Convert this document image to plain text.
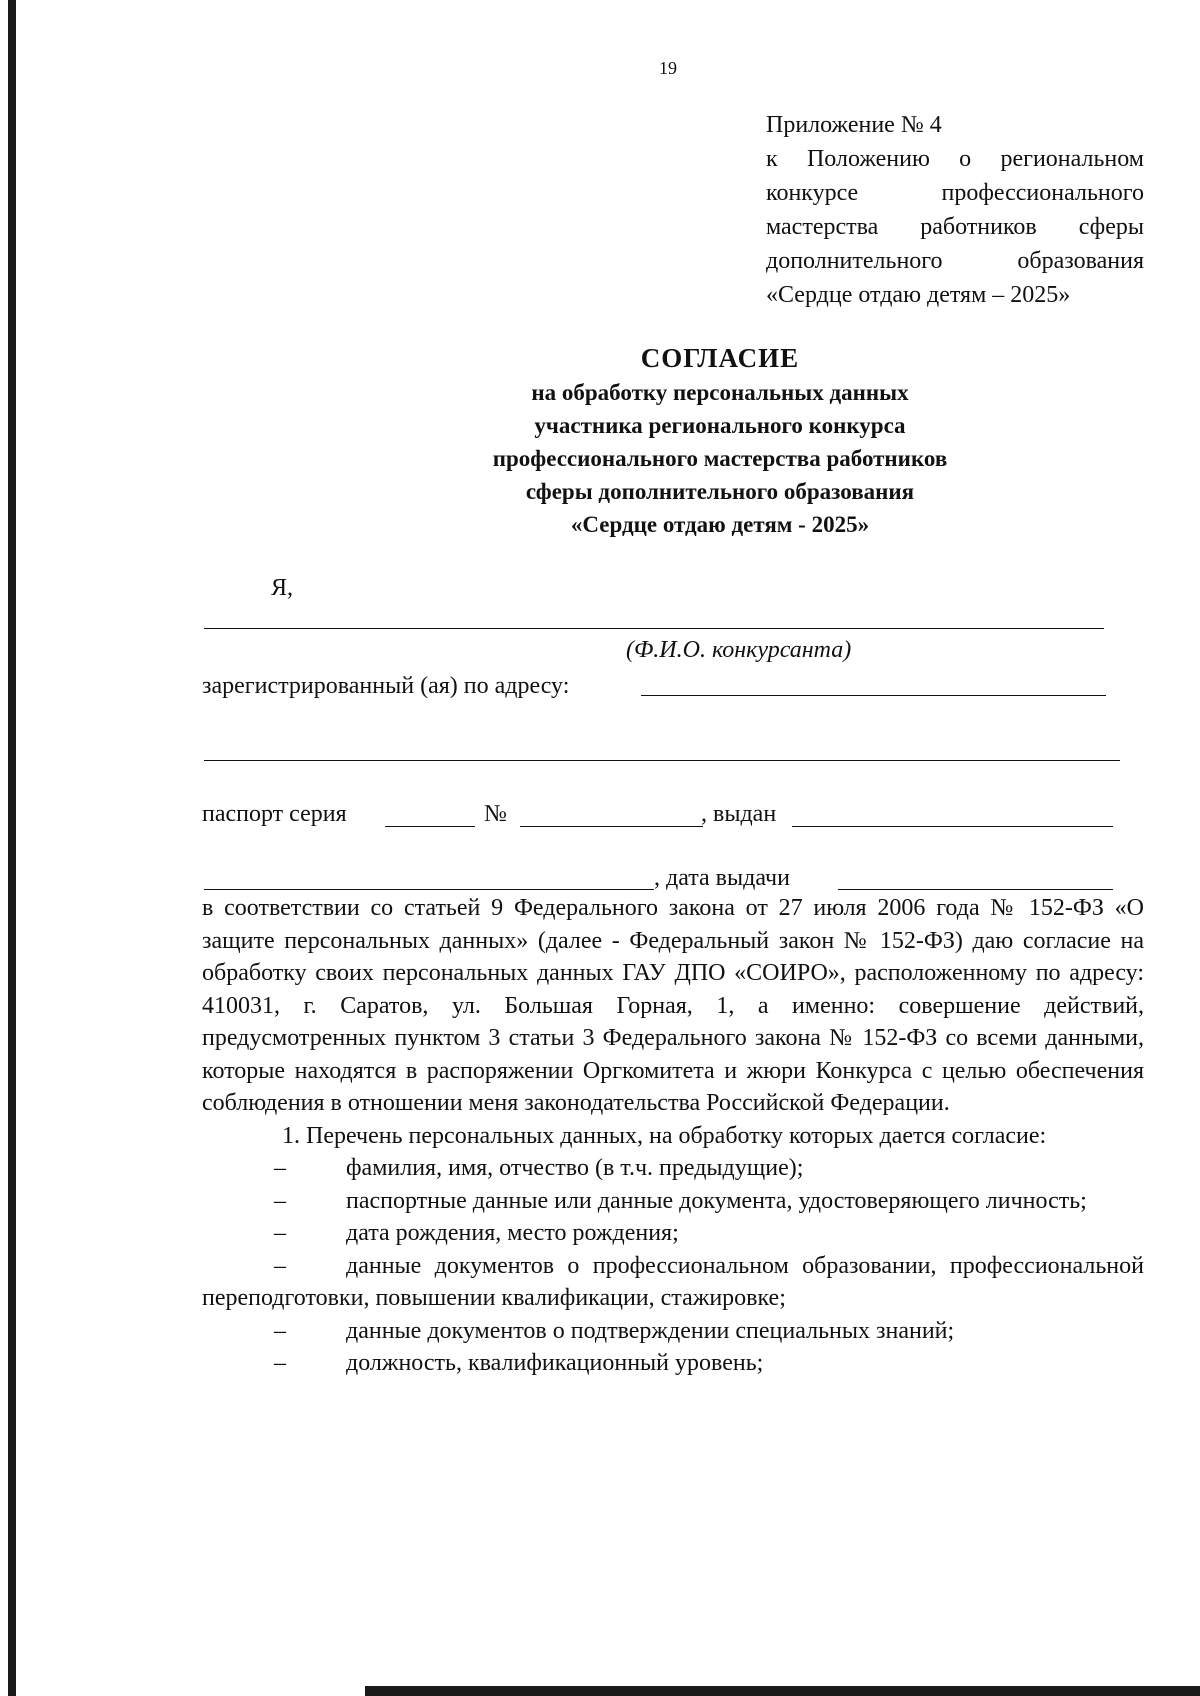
19
Приложение № 4
к Положению о региональном
конкурсе профессионального
мастерства работников сферы
дополнительного образования
«Сердце отдаю детям – 2025»
СОГЛАСИЕ
на обработку персональных данных
участника регионального конкурса
профессионального мастерства работников
сферы дополнительного образования
«Сердце отдаю детям - 2025»
Я,
(Ф.И.О. конкурсанта)
зарегистрированный (ая) по адресу:
паспорт серия	№	, выдан
, дата выдачи

в соответствии со статьей 9 Федерального закона от 27 июля 2006 года № 152-ФЗ «О защите персональных данных» (далее - Федеральный закон № 152-ФЗ) даю согласие на обработку своих персональных данных ГАУ ДПО «СОИРО», расположенному по адресу: 410031, г. Саратов, ул. Большая Горная, 1, а именно: совершение действий, предусмотренных пунктом 3 статьи 3 Федерального закона № 152-ФЗ со всеми данными, которые находятся в распоряжении Оргкомитета и жюри Конкурса с целью обеспечения соблюдения в отношении меня законодательства Российской Федерации.

1. Перечень персональных данных, на обработку которых дается согласие:

–	фамилия, имя, отчество (в т.ч. предыдущие);

–	паспортные данные или данные документа, удостоверяющего личность;

–	дата рождения, место рождения;

–	данные документов о профессиональном образовании, профессиональной переподготовки, повышении квалификации, стажировке;

–	данные документов о подтверждении специальных знаний;

–	должность, квалификационный уровень;
